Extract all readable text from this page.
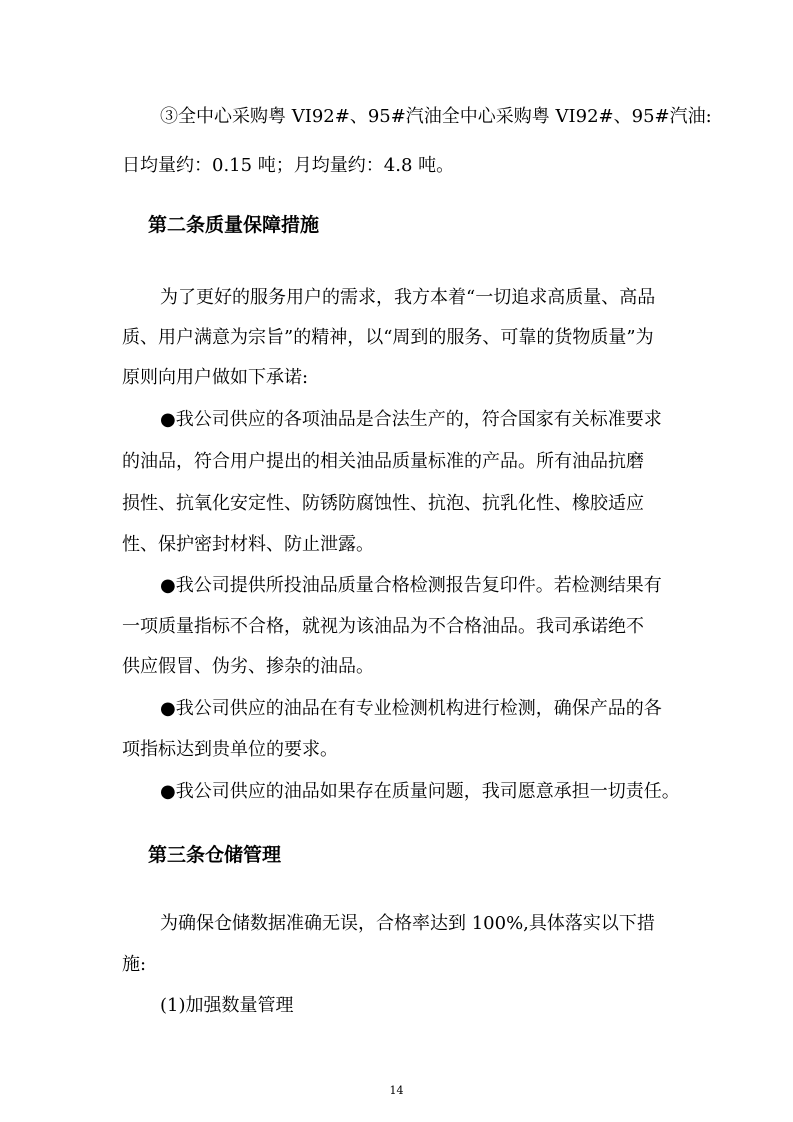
③全中心采购粤 VI92#、95#汽油全中心采购粤 VI92#、95#汽油:
日均量约：0.15 吨；月均量约：4.8 吨。
第二条质量保障措施
为了更好的服务用户的需求，我方本着“一切追求高质量、高品
质、用户满意为宗旨”的精神，以“周到的服务、可靠的货物质量”为
原则向用户做如下承诺:
●我公司供应的各项油品是合法生产的，符合国家有关标准要求
的油品，符合用户提出的相关油品质量标准的产品。所有油品抗磨
损性、抗氧化安定性、防锈防腐蚀性、抗泡、抗乳化性、橡胶适应
性、保护密封材料、防止泄露。
●我公司提供所投油品质量合格检测报告复印件。若检测结果有
一项质量指标不合格，就视为该油品为不合格油品。我司承诺绝不
供应假冒、伪劣、掺杂的油品。
●我公司供应的油品在有专业检测机构进行检测，确保产品的各
项指标达到贵单位的要求。
●我公司供应的油品如果存在质量问题，我司愿意承担一切责任。
第三条仓储管理
为确保仓储数据准确无误，合格率达到 100%,具体落实以下措
施:
(1)加强数量管理
14
